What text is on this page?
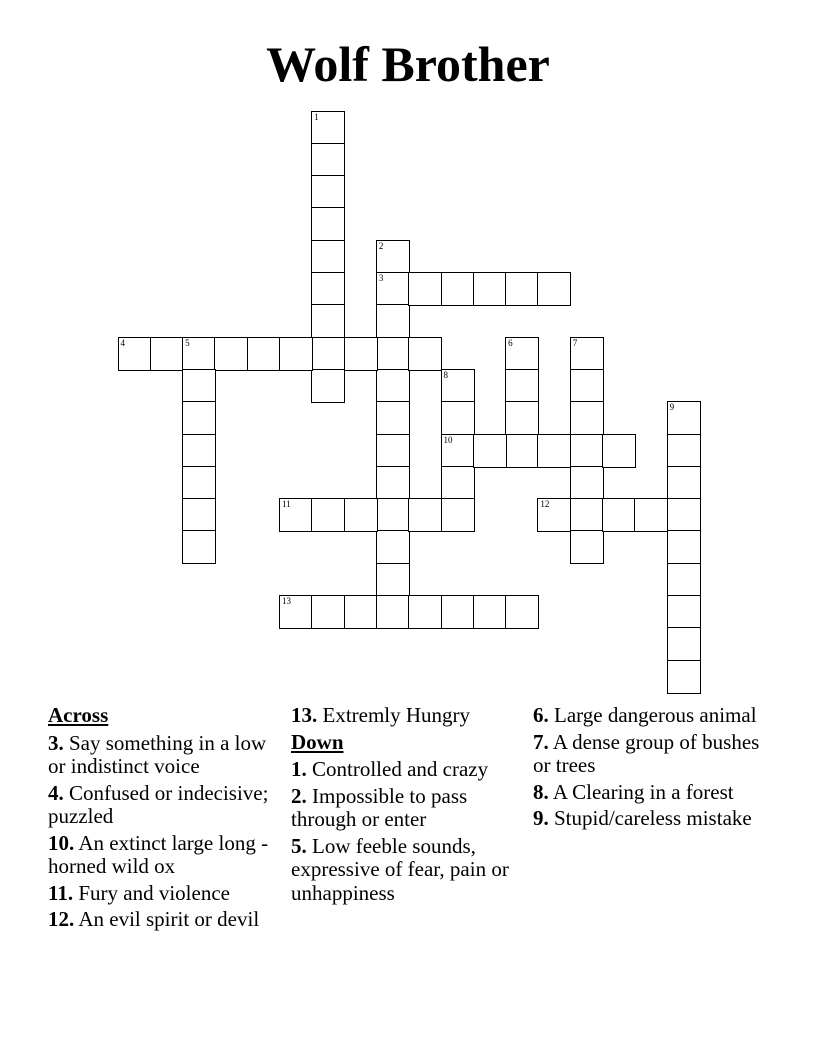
Wolf Brother
1
2
3
4	5	6	7
8
10
9
11	12
13
Across
3. Say something in a low or indistinct voice
4. Confused or indecisive; puzzled
10. An extinct large long - horned wild ox
11. Fury and violence
12. An evil spirit or devil
13. Extremly Hungry
Down
1. Controlled and crazy
2. Impossible to pass through or enter
5. Low feeble sounds, expressive of fear, pain or unhappiness
6. Large dangerous animal
7. A dense group of bushes or trees
8. A Clearing in a forest
9. Stupid/careless mistake
